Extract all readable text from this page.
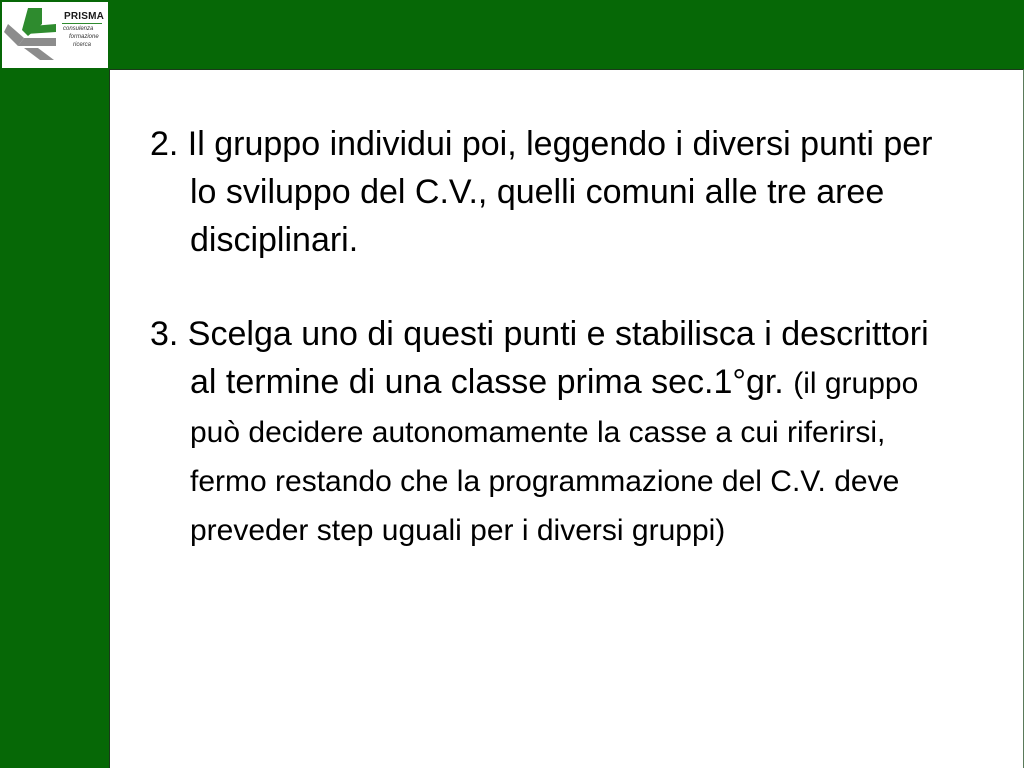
PRISMA
consulenza
formazione
ricerca

2. Il gruppo individui poi, leggendo i diversi punti per lo sviluppo del C.V., quelli comuni alle tre aree disciplinari.

3. Scelga uno di questi punti e stabilisca i descrittori al termine di una classe prima sec.1°gr. (il gruppo può decidere autonomamente la casse a cui riferirsi, fermo restando che la programmazione del C.V. deve preveder step uguali per i diversi gruppi)
